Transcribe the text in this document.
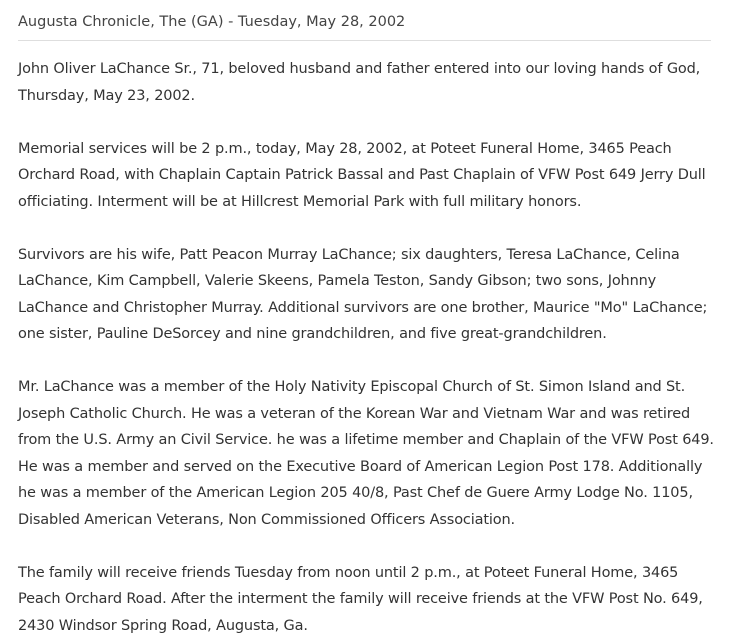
Augusta Chronicle, The (GA) - Tuesday, May 28, 2002

John Oliver LaChance Sr., 71, beloved husband and father entered into our loving hands of God, Thursday, May 23, 2002.

Memorial services will be 2 p.m., today, May 28, 2002, at Poteet Funeral Home, 3465 Peach Orchard Road, with Chaplain Captain Patrick Bassal and Past Chaplain of VFW Post 649 Jerry Dull officiating. Interment will be at Hillcrest Memorial Park with full military honors.

Survivors are his wife, Patt Peacon Murray LaChance; six daughters, Teresa LaChance, Celina LaChance, Kim Campbell, Valerie Skeens, Pamela Teston, Sandy Gibson; two sons, Johnny LaChance and Christopher Murray. Additional survivors are one brother, Maurice "Mo" LaChance; one sister, Pauline DeSorcey and nine grandchildren, and five great-grandchildren.

Mr. LaChance was a member of the Holy Nativity Episcopal Church of St. Simon Island and St. Joseph Catholic Church. He was a veteran of the Korean War and Vietnam War and was retired from the U.S. Army an Civil Service. he was a lifetime member and Chaplain of the VFW Post 649. He was a member and served on the Executive Board of American Legion Post 178. Additionally he was a member of the American Legion 205 40/8, Past Chef de Guere Army Lodge No. 1105, Disabled American Veterans, Non Commissioned Officers Association.

The family will receive friends Tuesday from noon until 2 p.m., at Poteet Funeral Home, 3465 Peach Orchard Road. After the interment the family will receive friends at the VFW Post No. 649, 2430 Windsor Spring Road, Augusta, Ga.
